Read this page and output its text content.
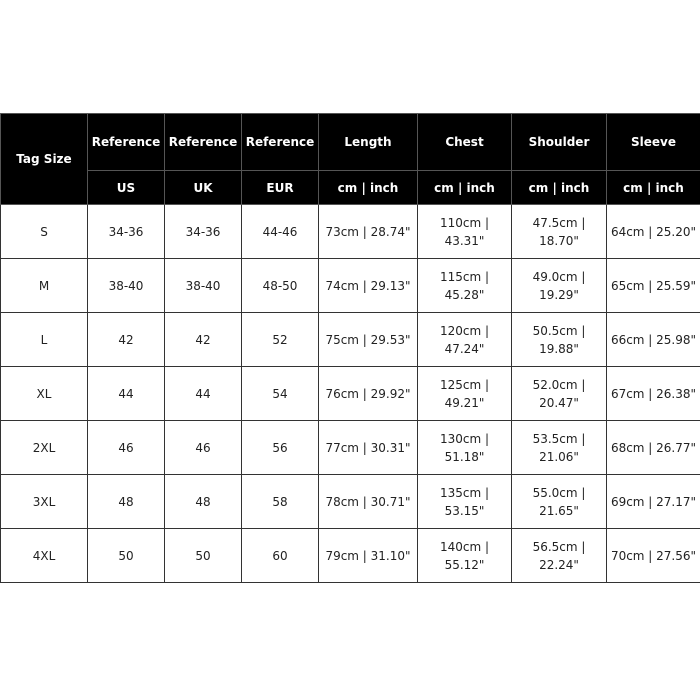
Tag Size	Reference	Reference	Reference	Length	Chest	Shoulder	Sleeve
	US	UK	EUR	cm | inch	cm | inch	cm | inch	cm | inch
S	34-36	34-36	44-46	73cm | 28.74"	110cm | 43.31"	47.5cm | 18.70"	64cm | 25.20"
M	38-40	38-40	48-50	74cm | 29.13"	115cm | 45.28"	49.0cm | 19.29"	65cm | 25.59"
L	42	42	52	75cm | 29.53"	120cm | 47.24"	50.5cm | 19.88"	66cm | 25.98"
XL	44	44	54	76cm | 29.92"	125cm | 49.21"	52.0cm | 20.47"	67cm | 26.38"
2XL	46	46	56	77cm | 30.31"	130cm | 51.18"	53.5cm | 21.06"	68cm | 26.77"
3XL	48	48	58	78cm | 30.71"	135cm | 53.15"	55.0cm | 21.65"	69cm | 27.17"
4XL	50	50	60	79cm | 31.10"	140cm | 55.12"	56.5cm | 22.24"	70cm | 27.56"
